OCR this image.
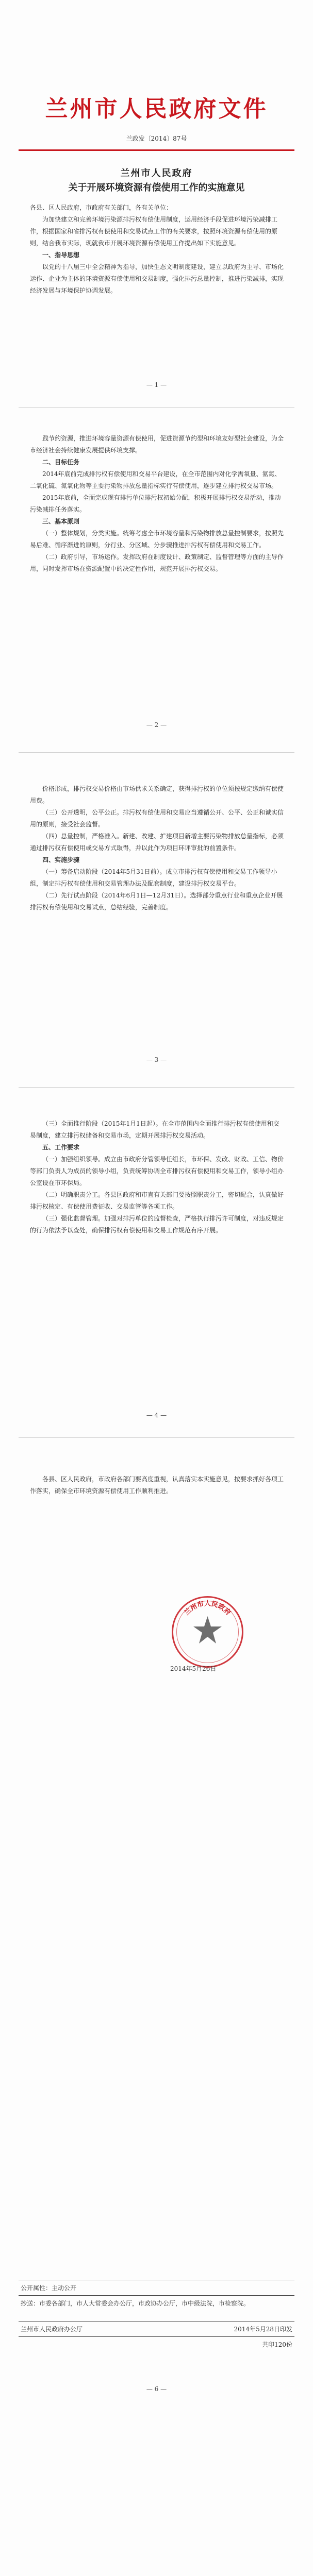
兰州市人民政府文件
兰政发〔2014〕87号
兰州市人民政府
关于开展环境资源有偿使用工作的实施意见

各县、区人民政府，市政府有关部门，各有关单位：

为加快建立和完善环境污染源排污权有偿使用制度，运用经济手段促进环境污染减排工作，根据国家和省排污权有偿使用和交易试点工作的有关要求，按照环境资源有偿使用的原则，结合我市实际，现就我市开展环境资源有偿使用工作提出如下实施意见。

一、指导思想

以党的十八届三中全会精神为指导，加快生态文明制度建设，建立以政府为主导、市场化运作、企业为主体的环境资源有偿使用和交易制度，强化排污总量控制，推进污染减排，实现经济发展与环境保护协调发展。

— 1 —

践节约资源，推进环境容量资源有偿使用，促进资源节约型和环境友好型社会建设，为全市经济社会持续健康发展提供环境支撑。

二、目标任务

2014年底前完成排污权有偿使用和交易平台建设，在全市范围内对化学需氧量、氨氮、二氧化硫、氮氧化物等主要污染物排放总量指标实行有偿使用，逐步建立排污权交易市场。

2015年底前，全面完成现有排污单位排污权初始分配，积极开展排污权交易活动，推动污染减排任务落实。

三、基本原则

（一）整体规划，分类实施。统筹考虑全市环境容量和污染物排放总量控制要求，按照先易后难、循序渐进的原则，分行业、分区域、分步骤推进排污权有偿使用和交易工作。

（二）政府引导，市场运作。发挥政府在制度设计、政策制定、监督管理等方面的主导作用，同时发挥市场在资源配置中的决定性作用，规范开展排污权交易。

— 2 —

价格形成，排污权交易价格由市场供求关系确定，获得排污权的单位须按规定缴纳有偿使用费。

（三）公开透明，公平公正。排污权有偿使用和交易应当遵循公开、公平、公正和诚实信用的原则，接受社会监督。

（四）总量控制，严格准入。新建、改建、扩建项目新增主要污染物排放总量指标，必须通过排污权有偿使用或交易方式取得，并以此作为项目环评审批的前置条件。

四、实施步骤

（一）筹备启动阶段（2014年5月31日前）。成立市排污权有偿使用和交易工作领导小组，制定排污权有偿使用和交易管理办法及配套制度，建设排污权交易平台。

（二）先行试点阶段（2014年6月1日—12月31日）。选择部分重点行业和重点企业开展排污权有偿使用和交易试点，总结经验，完善制度。

— 3 —

（三）全面推行阶段（2015年1月1日起）。在全市范围内全面推行排污权有偿使用和交易制度，建立排污权储备和交易市场，定期开展排污权交易活动。

五、工作要求

（一）加强组织领导。成立由市政府分管领导任组长，市环保、发改、财政、工信、物价等部门负责人为成员的领导小组，负责统筹协调全市排污权有偿使用和交易工作，领导小组办公室设在市环保局。

（二）明确职责分工。各县区政府和市直有关部门要按照职责分工，密切配合，认真做好排污权核定、有偿使用费征收、交易监管等各项工作。

（三）强化监督管理。加强对排污单位的监督检查，严格执行排污许可制度，对违反规定的行为依法予以查处，确保排污权有偿使用和交易工作规范有序开展。

— 4 —

各县、区人民政府，市政府各部门要高度重视，认真落实本实施意见，按要求抓好各项工作落实，确保全市环境资源有偿使用工作顺利推进。

兰州市人民政府
2014年5月26日
公开属性：主动公开
抄送：市委各部门，市人大常委会办公厅，市政协办公厅，市中级法院，市检察院。
兰州市人民政府办公厅	2014年5月28日印发
共印120份
— 6 —
